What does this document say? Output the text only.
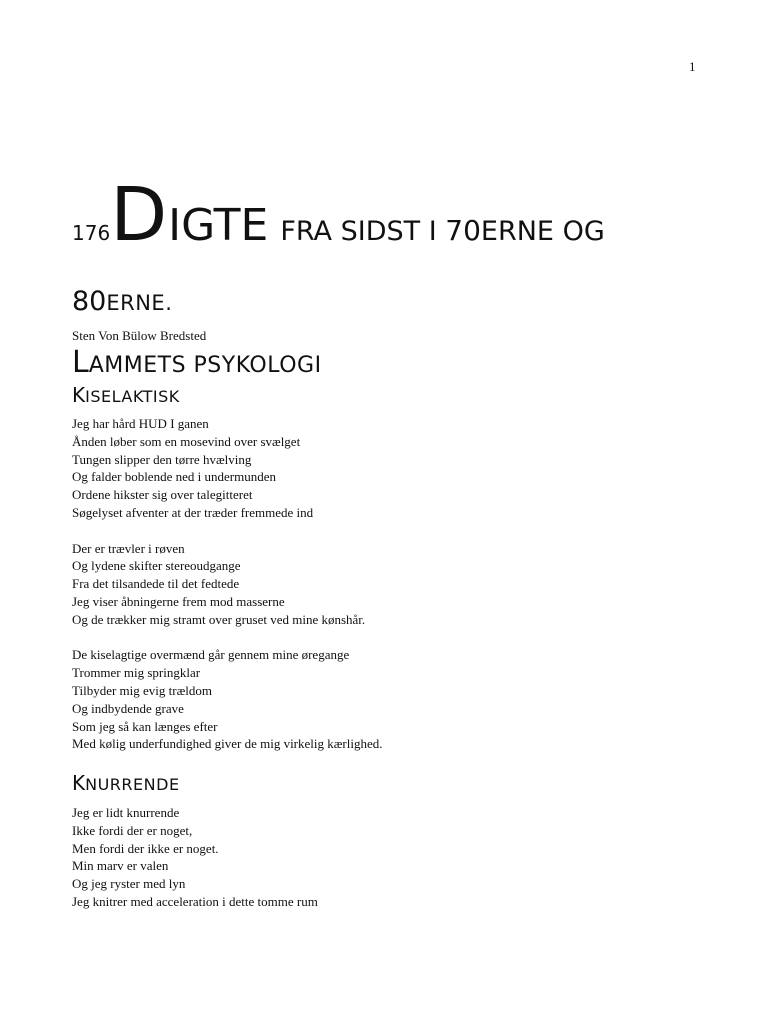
1
176DIGTE FRA SIDST I 70ERNE OG
80ERNE.
Sten Von Bülow Bredsted
LAMMETS PSYKOLOGI
KISELAKTISK
Jeg har hård HUD I ganen
Ånden løber som en mosevind over svælget
Tungen slipper den tørre hvælving
Og falder boblende ned i undermunden
Ordene hikster sig over talegitteret
Søgelyset afventer at der træder fremmede ind
Der er trævler i røven
Og lydene skifter stereoudgange
Fra det tilsandede til det fedtede
Jeg viser åbningerne frem mod masserne
Og de trækker mig stramt over gruset ved mine kønshår.
De kiselagtige overmænd går gennem mine øregange
Trommer mig springklar
Tilbyder mig evig trældom
Og indbydende grave
Som jeg så kan længes efter
Med kølig underfundighed giver de mig virkelig kærlighed.
KNURRENDE
Jeg er lidt knurrende
Ikke fordi der er noget,
Men fordi der ikke er noget.
Min marv er valen
Og jeg ryster med lyn
Jeg knitrer med acceleration i dette tomme rum
